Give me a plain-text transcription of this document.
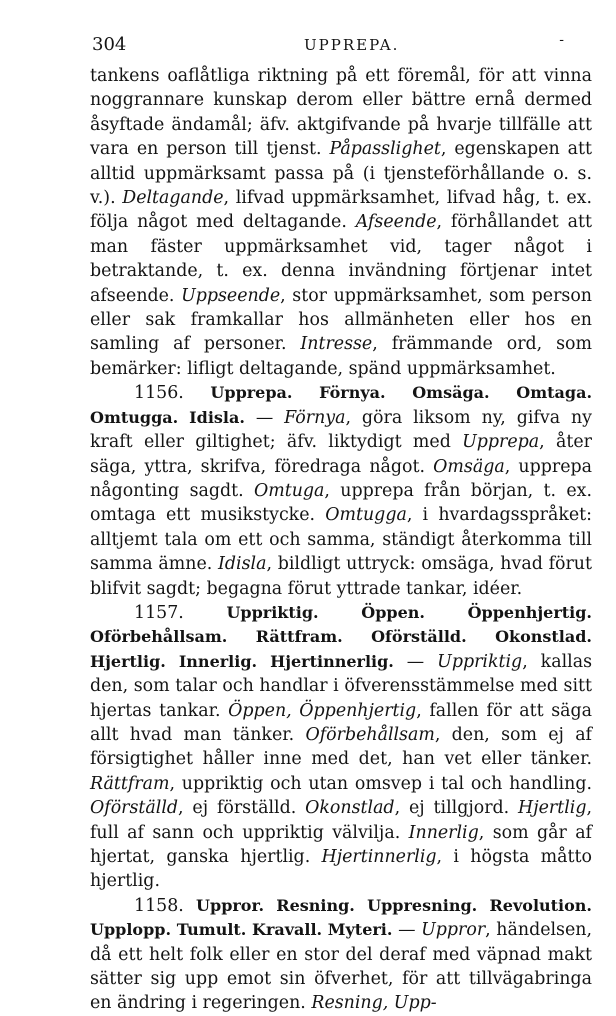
304	UPPREPA.	-

tankens oaflåtliga riktning på ett föremål, för att vinna noggrannare kunskap derom eller bättre ernå dermed åsyftade ändamål; äfv. aktgifvande på hvarje tillfälle att vara en person till tjenst. Påpasslighet, egenskapen att alltid uppmärksamt passa på (i tjensteförhållande o. s. v.). Deltagande, lifvad uppmärksamhet, lifvad håg, t. ex. följa något med deltagande. Afseende, förhållandet att man fäster uppmärksamhet vid, tager något i betraktande, t. ex. denna invändning förtjenar intet afseende. Uppseende, stor uppmärksamhet, som person eller sak framkallar hos allmänheten eller hos en samling af personer. Intresse, främmande ord, som bemärker: lifligt deltagande, spänd uppmärksamhet.

1156. Upprepa. Förnya. Omsäga. Omtaga. Omtugga. Idisla. — Förnya, göra liksom ny, gifva ny kraft eller giltighet; äfv. liktydigt med Upprepa, åter säga, yttra, skrifva, föredraga något. Omsäga, upprepa någonting sagdt. Omtuga, upprepa från början, t. ex. omtaga ett musikstycke. Omtugga, i hvardagsspråket: alltjemt tala om ett och samma, ständigt återkomma till samma ämne. Idisla, bildligt uttryck: omsäga, hvad förut blifvit sagdt; begagna förut yttrade tankar, idéer.

1157.	Uppriktig. Öppen. Öppenhjertig. Oförbehållsam. Rättfram. Oförställd. Okonstlad. Hjertlig. Innerlig. Hjertinnerlig. — Uppriktig, kallas den, som talar och handlar i öfverensstämmelse med sitt hjertas tankar. Öppen, Öppenhjertig, fallen för att säga allt hvad man tänker. Oförbehållsam, den, som ej af försigtighet håller inne med det, han vet eller tänker. Rättfram, uppriktig och utan omsvep i tal och handling. Oförställd, ej förställd. Okonstlad, ej tillgjord. Hjertlig, full af sann och uppriktig välvilja. Innerlig, som går af hjertat, ganska hjertlig. Hjertinnerlig, i högsta måtto hjertlig.

1158. Uppror. Resning. Uppresning. Revolution. Upplopp. Tumult. Kravall. Myteri. — Uppror, händelsen, då ett helt folk eller en stor del deraf med väpnad makt sätter sig upp emot sin öfverhet, för att tillvägabringa en ändring i regeringen. Resning, Upp-
